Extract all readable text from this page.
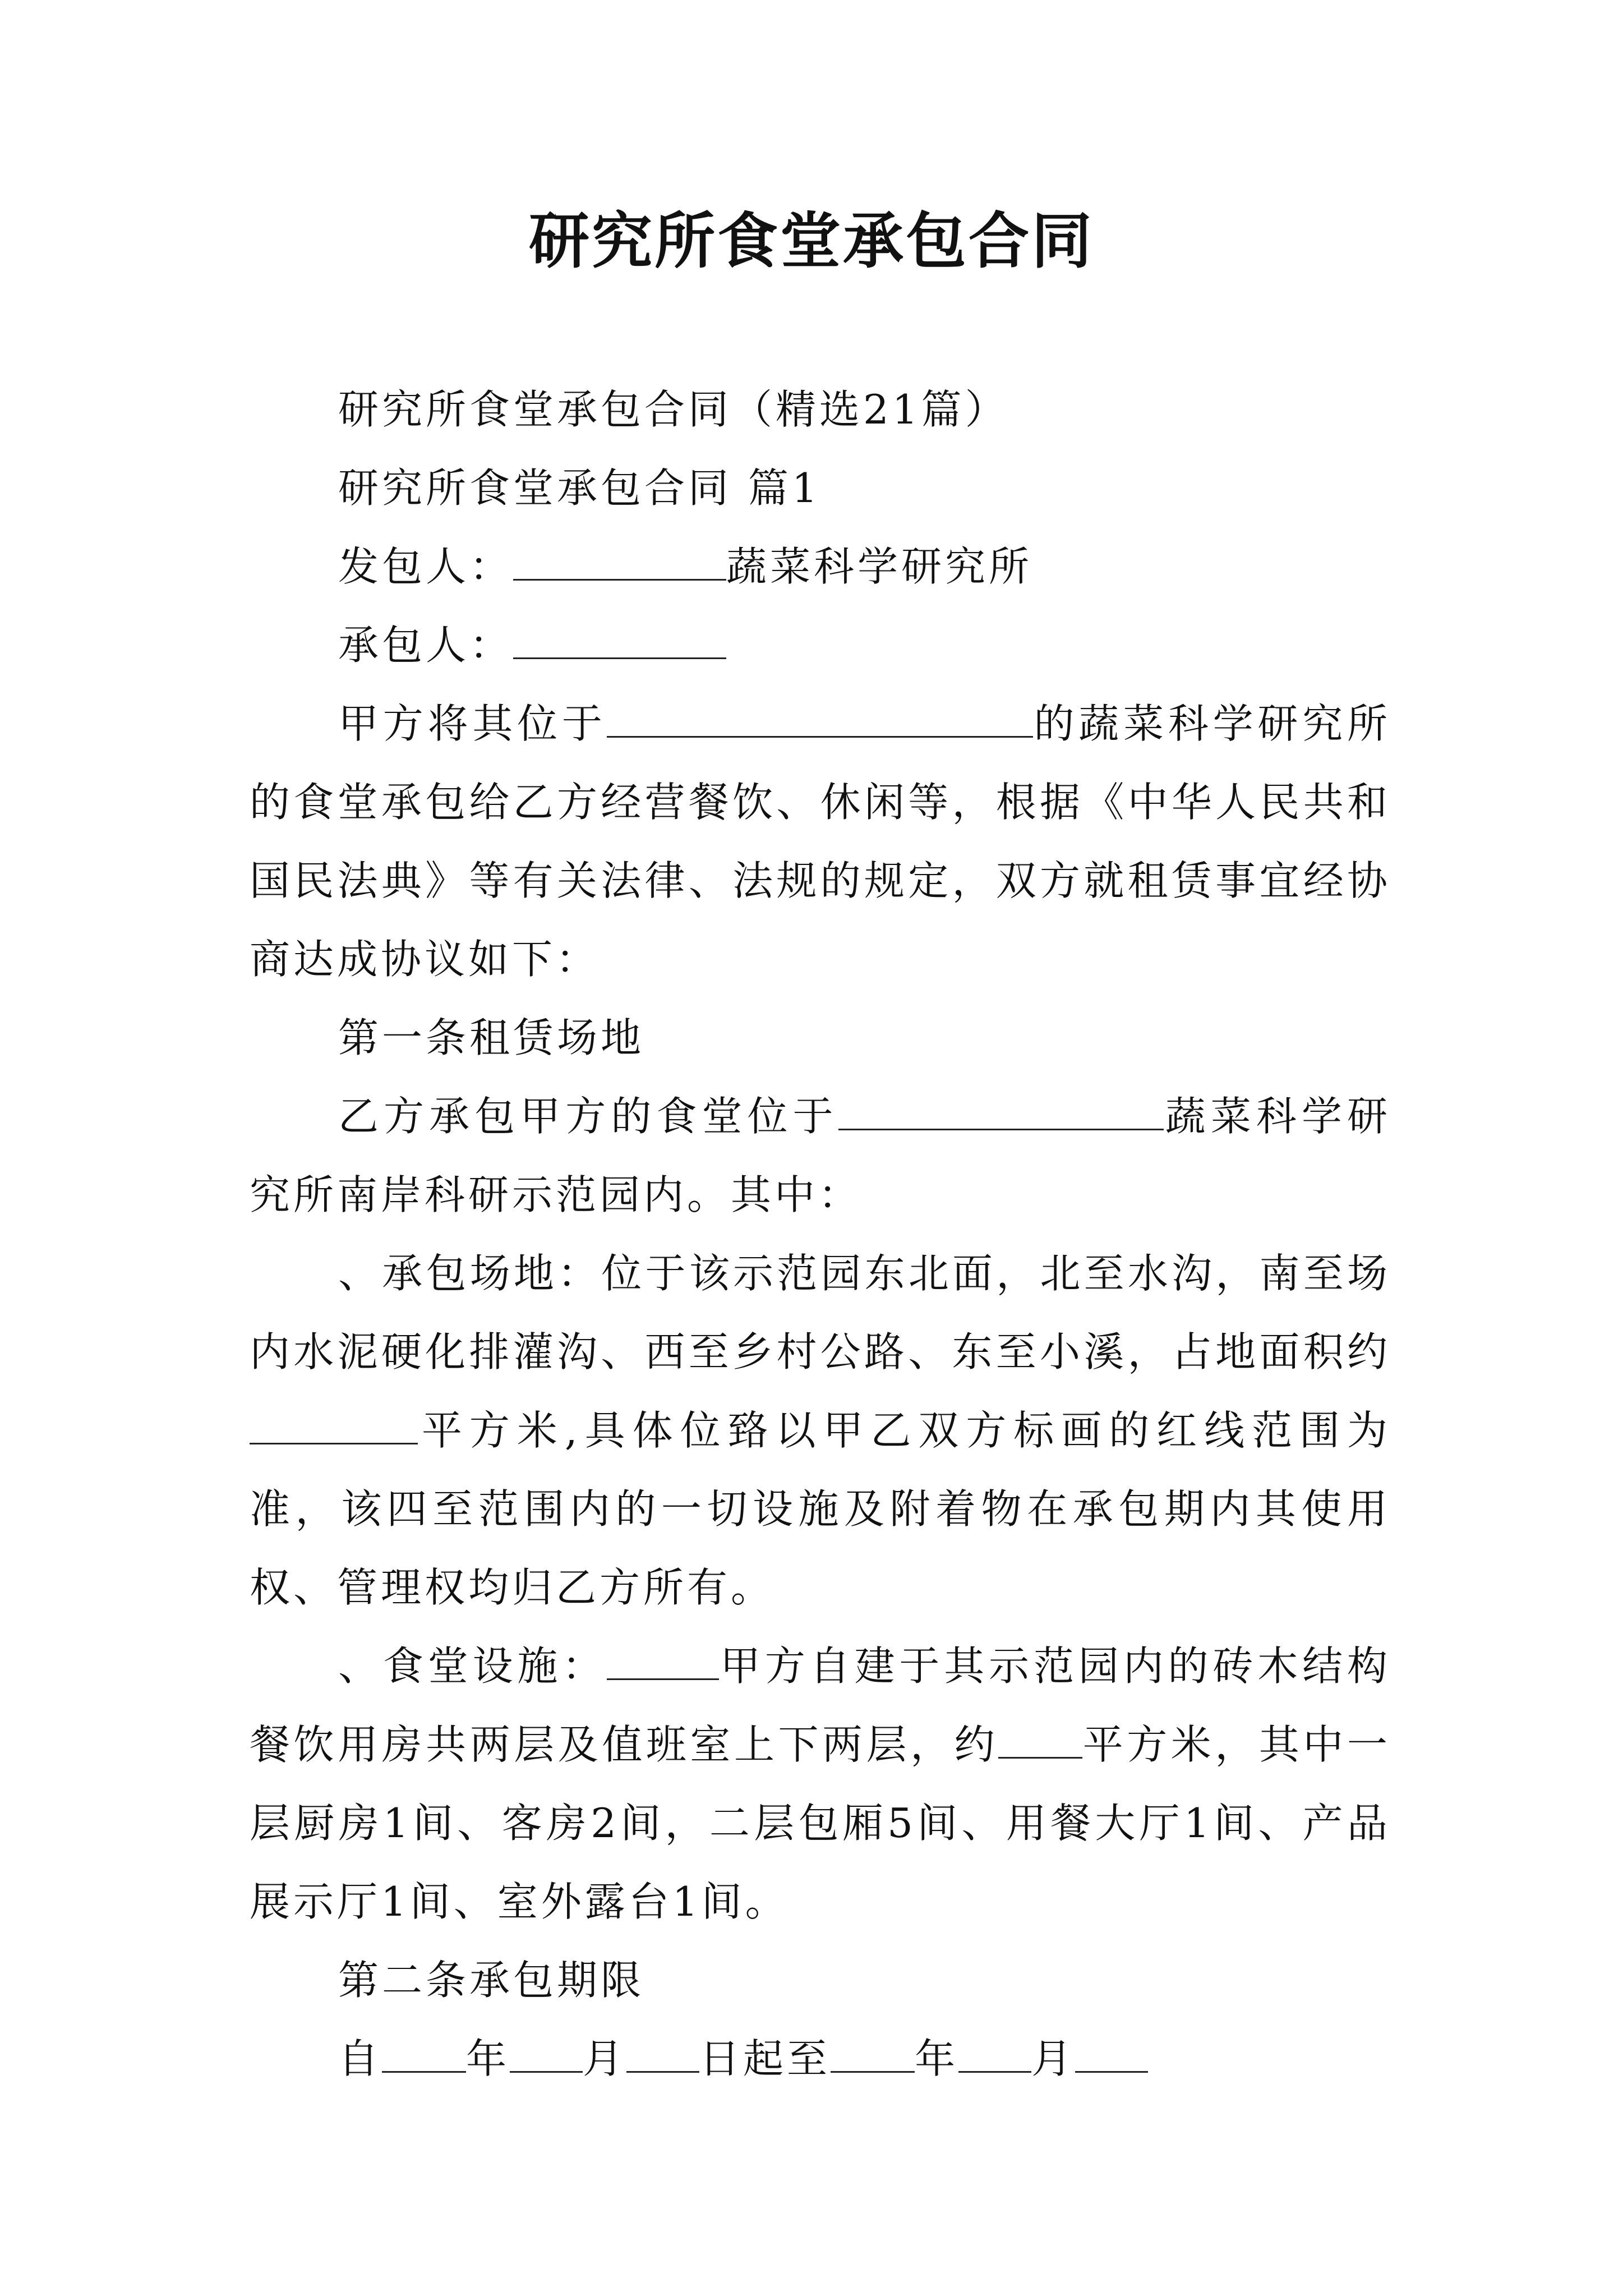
研究所食堂承包合同

研究所食堂承包合同（精选21篇）

研究所食堂承包合同 篇1

发包人：	蔬菜科学研究所

承包人：

甲方将其位于	的蔬菜科学研究所的食堂承包给乙方经营餐饮、休闲等，根据《中华人民共和国民法典》等有关法律、法规的规定，双方就租赁事宜经协商达成协议如下：

第一条租赁场地

乙方承包甲方的食堂位于	蔬菜科学研究所南岸科研示范园内。其中：

、承包场地：位于该示范园东北面，北至水沟，南至场内水泥硬化排灌沟、西至乡村公路、东至小溪，占地面积约平方米,具体位臵以甲乙双方标画的红线范围为准，该四至范围内的一切设施及附着物在承包期内其使用权、管理权均归乙方所有。

、食堂设施：	甲方自建于其示范园内的砖木结构餐饮用房共两层及值班室上下两层，约 平方米，其中一层厨房1间、客房2间，二层包厢5间、用餐大厅1间、产品展示厅1间、室外露台1间。

第二条承包期限

自 年 月 日起至 年 月
